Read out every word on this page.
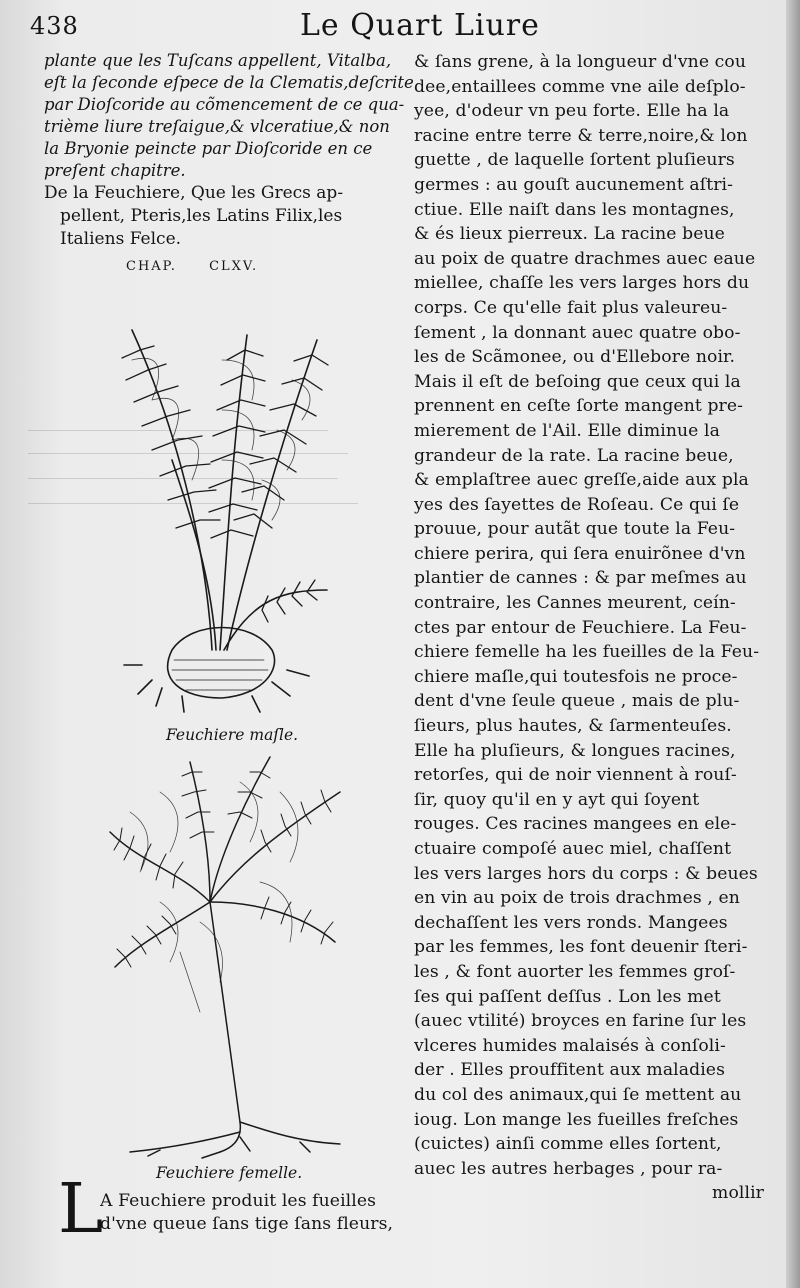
438	Le Quart Liure
plante que les Tuſcans appellent, Vitalba,
eſt la ſeconde eſpece de la Clematis,deſcrite
par Dioſcoride au cõmencement de ce qua-
trième liure treſaigue,& vlceratiue,& non
la Bryonie peincte par Dioſcoride en ce
preſent chapitre.
De la Feuchiere, Que les Grecs ap-
pellent, Pteris,les Latins Filix,les
Italiens Felce.
CHAP. CLXV.
Feuchiere maſle.
Feuchiere femelle.
L
A Feuchiere produit les fueilles
d'vne queue ſans tige ſans fleurs,
& ſans grene, à la longueur d'vne cou
dee,entaillees comme vne aile deſplo-
yee, d'odeur vn peu forte. Elle ha la
racine entre terre & terre,noire,& lon
guette , de laquelle ſortent pluſieurs
germes : au gouſt aucunement aſtri-
ctiue. Elle naiſt dans les montagnes,
& és lieux pierreux. La racine beue
au poix de quatre drachmes auec eaue
miellee, chaſſe les vers larges hors du
corps. Ce qu'elle fait plus valeureu-
ſement , la donnant auec quatre obo-
les de Scãmonee, ou d'Ellebore noir.
Mais il eſt de beſoing que ceux qui la
prennent en ceſte ſorte mangent pre-
mierement de l'Ail. Elle diminue la
grandeur de la rate. La racine beue,
& emplaſtree auec greſſe,aide aux pla
yes des ſayettes de Roſeau. Ce qui ſe
prouue, pour autãt que toute la Feu-
chiere perira, qui ſera enuirõnee d'vn
plantier de cannes : & par meſmes au
contraire, les Cannes meurent, ceín-
ctes par entour de Feuchiere. La Feu-
chiere femelle ha les fueilles de la Feu-
chiere maſle,qui toutesfois ne proce-
dent d'vne ſeule queue , mais de plu-
ſieurs, plus hautes, & ſarmenteuſes.
Elle ha pluſieurs, & longues racines,
retorſes, qui de noir viennent à rouſ-
ſir, quoy qu'il en y ayt qui ſoyent
rouges. Ces racines mangees en ele-
ctuaire compoſé auec miel, chaſſent
les vers larges hors du corps : & beues
en vin au poix de trois drachmes , en
dechaſſent les vers ronds. Mangees
par les femmes, les font deuenir ſteri-
les , & font auorter les femmes groſ-
ſes qui paſſent deſſus . Lon les met
(auec vtilité) broyces en farine ſur les
vlceres humides malaisés à conſoli-
der . Elles prouffitent aux maladies
du col des animaux,qui ſe mettent au
ioug. Lon mange les fueilles freſches
(cuictes) ainſi comme elles ſortent,
auec les autres herbages , pour ra-
mollir
